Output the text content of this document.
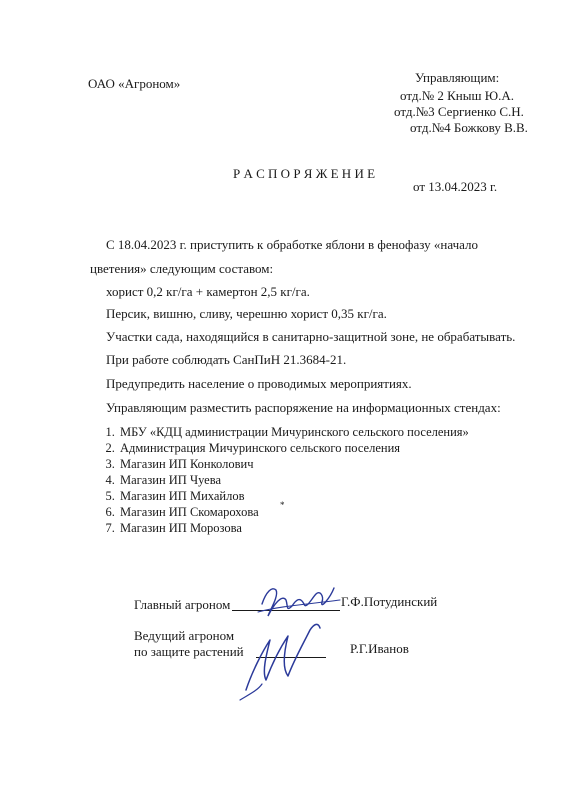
ОАО «Агроном»	Управляющим:
отд.№ 2 Кныш Ю.А.
отд.№3 Сергиенко С.Н.
отд.№4 Божкову В.В.
Р А С П О Р Я Ж Е Н И Е
от 13.04.2023 г.
С 18.04.2023 г. приступить к обработке яблони в фенофазу «начало
цветения» следующим составом:
хорист 0,2 кг/га + камертон 2,5 кг/га.
Персик, вишню, сливу, черешню хорист 0,35 кг/га.
Участки сада, находящийся в санитарно-защитной зоне, не обрабатывать.
При работе соблюдать СанПиН 21.3684-21.
Предупредить население о проводимых мероприятиях.
Управляющим разместить распоряжение на информационных стендах:
1. МБУ «КДЦ администрации Мичуринского сельского поселения»
2. Администрация Мичуринского сельского поселения
3. Магазин ИП Конколович
4. Магазин ИП Чуева
5. Магазин ИП Михайлов
6. Магазин ИП Скомарохова
7. Магазин ИП Морозова
*
Главный агроном	Г.Ф.Потудинский
Ведущий агроном
по защите растений	Р.Г.Иванов
